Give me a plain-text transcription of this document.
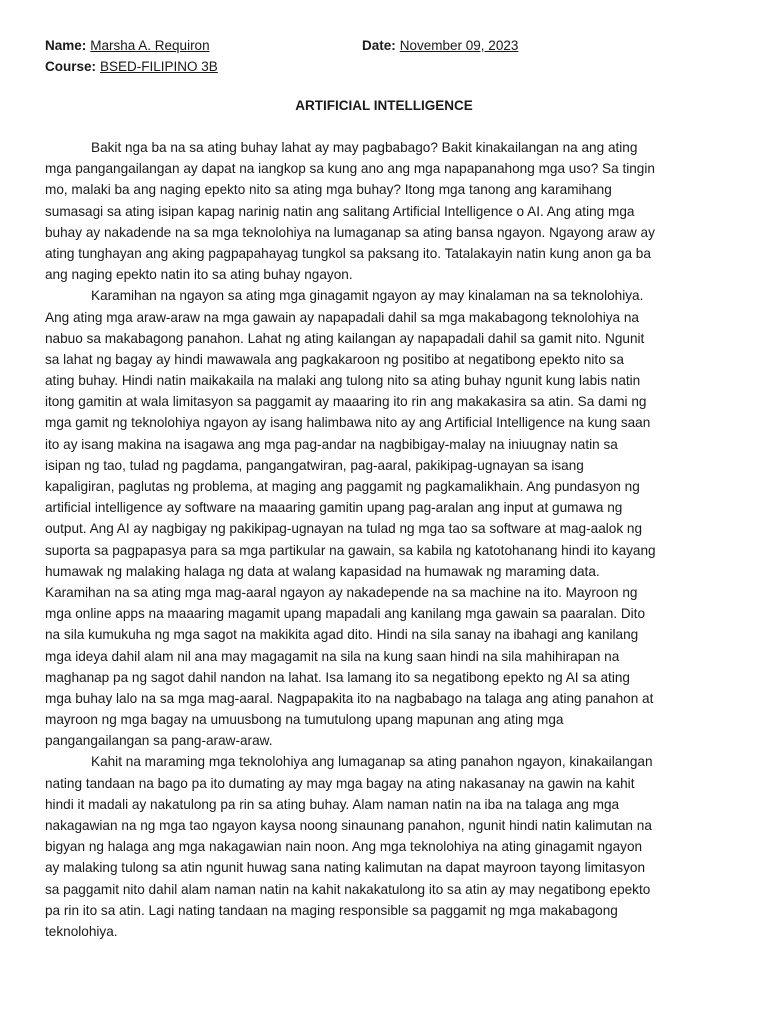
Name: Marsha A. Requiron	Date: November 09, 2023
Course: BSED-FILIPINO 3B
ARTIFICIAL INTELLIGENCE
Bakit nga ba na sa ating buhay lahat ay may pagbabago? Bakit kinakailangan na ang ating
mga pangangailangan ay dapat na iangkop sa kung ano ang mga napapanahong mga uso? Sa tingin
mo, malaki ba ang naging epekto nito sa ating mga buhay? Itong mga tanong ang karamihang
sumasagi sa ating isipan kapag narinig natin ang salitang Artificial Intelligence o AI. Ang ating mga
buhay ay nakadende na sa mga teknolohiya na lumaganap sa ating bansa ngayon. Ngayong araw ay
ating tunghayan ang aking pagpapahayag tungkol sa paksang ito. Tatalakayin natin kung anon ga ba
ang naging epekto natin ito sa ating buhay ngayon.
Karamihan na ngayon sa ating mga ginagamit ngayon ay may kinalaman na sa teknolohiya.
Ang ating mga araw-araw na mga gawain ay napapadali dahil sa mga makabagong teknolohiya na
nabuo sa makabagong panahon. Lahat ng ating kailangan ay napapadali dahil sa gamit nito. Ngunit
sa lahat ng bagay ay hindi mawawala ang pagkakaroon ng positibo at negatibong epekto nito sa
ating buhay. Hindi natin maikakaila na malaki ang tulong nito sa ating buhay ngunit kung labis natin
itong gamitin at wala limitasyon sa paggamit ay maaaring ito rin ang makakasira sa atin. Sa dami ng
mga gamit ng teknolohiya ngayon ay isang halimbawa nito ay ang Artificial Intelligence na kung saan
ito ay isang makina na isagawa ang mga pag-andar na nagbibigay-malay na iniuugnay natin sa
isipan ng tao, tulad ng pagdama, pangangatwiran, pag-aaral, pakikipag-ugnayan sa isang
kapaligiran, paglutas ng problema, at maging ang paggamit ng pagkamalikhain. Ang pundasyon ng
artificial intelligence ay software na maaaring gamitin upang pag-aralan ang input at gumawa ng
output. Ang AI ay nagbigay ng pakikipag-ugnayan na tulad ng mga tao sa software at mag-aalok ng
suporta sa pagpapasya para sa mga partikular na gawain, sa kabila ng katotohanang hindi ito kayang
humawak ng malaking halaga ng data at walang kapasidad na humawak ng maraming data.
Karamihan na sa ating mga mag-aaral ngayon ay nakadepende na sa machine na ito. Mayroon ng
mga online apps na maaaring magamit upang mapadali ang kanilang mga gawain sa paaralan. Dito
na sila kumukuha ng mga sagot na makikita agad dito. Hindi na sila sanay na ibahagi ang kanilang
mga ideya dahil alam nil ana may magagamit na sila na kung saan hindi na sila mahihirapan na
maghanap pa ng sagot dahil nandon na lahat. Isa lamang ito sa negatibong epekto ng AI sa ating
mga buhay lalo na sa mga mag-aaral. Nagpapakita ito na nagbabago na talaga ang ating panahon at
mayroon ng mga bagay na umuusbong na tumutulong upang mapunan ang ating mga
pangangailangan sa pang-araw-araw.
Kahit na maraming mga teknolohiya ang lumaganap sa ating panahon ngayon, kinakailangan
nating tandaan na bago pa ito dumating ay may mga bagay na ating nakasanay na gawin na kahit
hindi it madali ay nakatulong pa rin sa ating buhay. Alam naman natin na iba na talaga ang mga
nakagawian na ng mga tao ngayon kaysa noong sinaunang panahon, ngunit hindi natin kalimutan na
bigyan ng halaga ang mga nakagawian nain noon. Ang mga teknolohiya na ating ginagamit ngayon
ay malaking tulong sa atin ngunit huwag sana nating kalimutan na dapat mayroon tayong limitasyon
sa paggamit nito dahil alam naman natin na kahit nakakatulong ito sa atin ay may negatibong epekto
pa rin ito sa atin. Lagi nating tandaan na maging responsible sa paggamit ng mga makabagong
teknolohiya.
